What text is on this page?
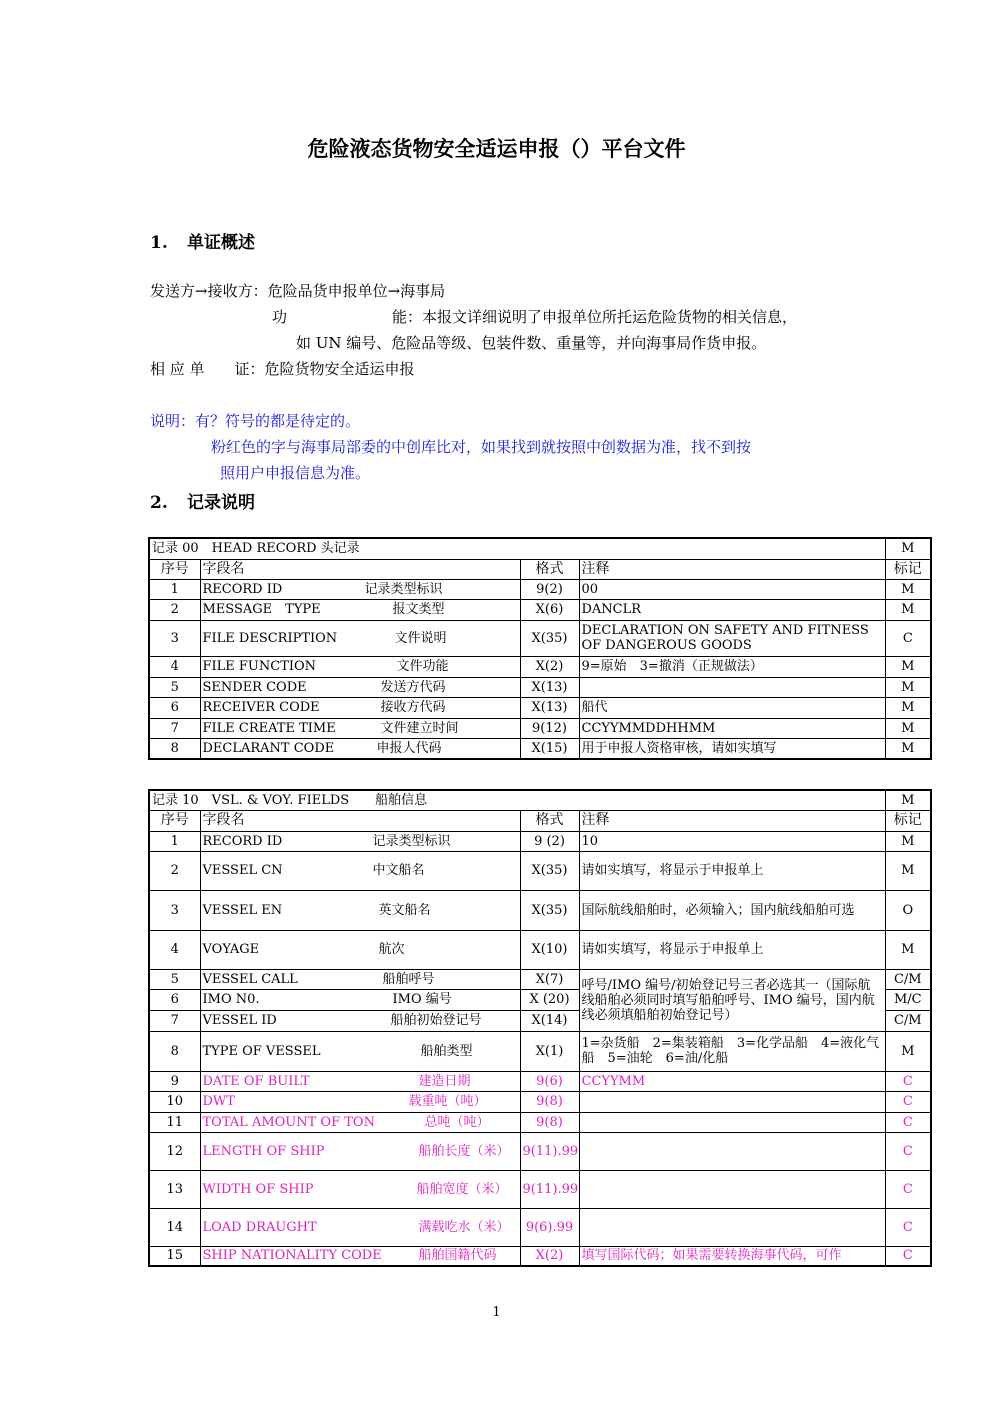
危险液态货物安全适运申报（）平台文件
1. 单证概述
发送方→接收方：危险品货申报单位→海事局
功　　　　　　　能：本报文详细说明了申报单位所托运危险货物的相关信息，
如 UN 编号、危险品等级、包装件数、重量等，并向海事局作货申报。
相 应 单　　证：危险货物安全适运申报
说明：有？符号的都是待定的。
粉红色的字与海事局部委的中创库比对，如果找到就按照中创数据为准，找不到按
照用户申报信息为准。
2. 记录说明
记录 00　HEAD RECORD 头记录				M
序号	字段名	格式	注释	标记
1	RECORD ID 记录类型标识	9(2)	00	M
2	MESSAGE　TYPE 报文类型	X(6)	DANCLR	M
3	FILE DESCRIPTION 文件说明	X(35)	DECLARATION ON SAFETY AND FITNESS OF DANGEROUS GOODS	C
4	FILE FUNCTION 文件功能	X(2)	9=原始　3=撤消（正规做法）	M
5	SENDER CODE 发送方代码	X(13)		M
6	RECEIVER CODE 接收方代码	X(13)	船代	M
7	FILE CREATE TIME 文件建立时间	9(12)	CCYYMMDDHHMM	M
8	DECLARANT CODE 申报人代码	X(15)	用于申报人资格审核，请如实填写	M
记录 10　VSL. & VOY. FIELDS　　船舶信息				M
序号	字段名	格式	注释	标记
1	RECORD ID 记录类型标识	9 (2)	10	M
2	VESSEL CN 中文船名	X(35)	请如实填写，将显示于申报单上	M
3	VESSEL EN 英文船名	X(35)	国际航线船舶时，必须输入；国内航线船舶可选	O
4	VOYAGE 航次	X(10)	请如实填写，将显示于申报单上	M
5	VESSEL CALL 船舶呼号	X(7)	呼号/IMO 编号/初始登记号三者必选其一（国际航线船舶必须同时填写船舶呼号、IMO 编号，国内航线必须填船舶初始登记号）	C/M
6	IMO N0. IMO 编号	X (20)		M/C
7	VESSEL ID 船舶初始登记号	X(14)		C/M
8	TYPE OF VESSEL 船舶类型	X(1)	1=杂货船　2=集装箱船　3=化学品船　4=液化气船　5=油轮　6=油/化船	M
9	DATE OF BUILT 建造日期	9(6)	CCYYMM	C
10	DWT 载重吨（吨）	9(8)		C
11	TOTAL AMOUNT OF TON 总吨（吨）	9(8)		C
12	LENGTH OF SHIP 船舶长度（米）	9(11).99		C
13	WIDTH OF SHIP 船舶宽度（米）	9(11).99		C
14	LOAD DRAUGHT 满载吃水（米）	9(6).99		C
15	SHIP NATIONALITY CODE 船舶国籍代码	X(2)	填写国际代码；如果需要转换海事代码，可作	C
1
